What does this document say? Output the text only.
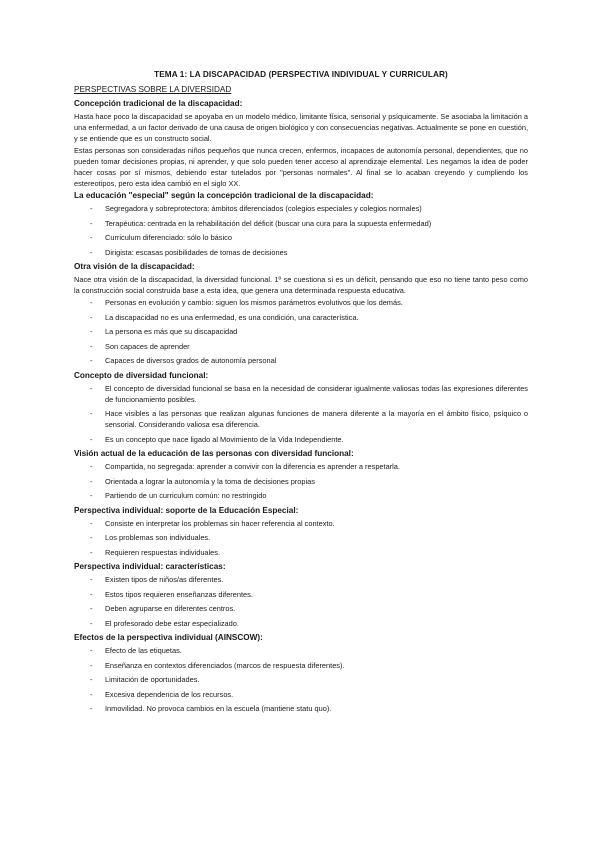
TEMA 1: LA DISCAPACIDAD (PERSPECTIVA INDIVIDUAL Y CURRICULAR)
PERSPECTIVAS SOBRE LA DIVERSIDAD
Concepción tradicional de la discapacidad:
Hasta hace poco la discapacidad se apoyaba en un modelo médico, limitante física, sensorial y psíquicamente. Se asociaba la limitación a una enfermedad, a un factor derivado de una causa de origen biológico y con consecuencias negativas. Actualmente se pone en cuestión, y se entiende que es un constructo social.
Estas personas son consideradas niños pequeños que nunca crecen, enfermos, incapaces de autonomía personal, dependientes, que no pueden tomar decisiones propias, ni aprender, y que solo pueden tener acceso al aprendizaje elemental. Les negamos la idea de poder hacer cosas por sí mismos, debiendo estar tutelados por "personas normales". Al final se lo acaban creyendo y cumpliendo los estereotipos, pero esta idea cambió en el siglo XX.
La educación "especial" según la concepción tradicional de la discapacidad:
- Segregadora y sobreprotectora: ámbitos diferenciados (colegios especiales y colegios normales)
- Terapéutica: centrada en la rehabilitación del déficit (buscar una cura para la supuesta enfermedad)
- Curriculum diferenciado: sólo lo básico
- Dirigista: escasas posibilidades de tomas de decisiones
Otra visión de la discapacidad:
Nace otra visión de la discapacidad, la diversidad funcional. 1º se cuestiona si es un déficit, pensando que eso no tiene tanto peso como la construcción social construida base a esta idea, que genera una determinada respuesta educativa.
- Personas en evolución y cambio: siguen los mismos parámetros evolutivos que los demás.
- La discapacidad no es una enfermedad, es una condición, una característica.
- La persona es más que su discapacidad
- Son capaces de aprender
- Capaces de diversos grados de autonomía personal
Concepto de diversidad funcional:
- El concepto de diversidad funcional se basa en la necesidad de considerar igualmente valiosas todas las expresiones diferentes de funcionamiento posibles.
- Hace visibles a las personas que realizan algunas funciones de manera diferente a la mayoría en el ámbito físico, psíquico o sensorial. Considerando valiosa esa diferencia.
- Es un concepto que nace ligado al Movimiento de la Vida Independiente.
Visión actual de la educación de las personas con diversidad funcional:
- Compartida, no segregada: aprender a convivir con la diferencia es aprender a respetarla.
- Orientada a lograr la autonomía y la toma de decisiones propias
- Partiendo de un curriculum común: no restringido
Perspectiva individual: soporte de la Educación Especial:
- Consiste en interpretar los problemas sin hacer referencia al contexto.
- Los problemas son individuales.
- Requieren respuestas individuales.
Perspectiva individual: características:
- Existen tipos de niños/as diferentes.
- Estos tipos requieren enseñanzas diferentes.
- Deben agruparse en diferentes centros.
- El profesorado debe estar especializado.
Efectos de la perspectiva individual (AINSCOW):
- Efecto de las etiquetas.
- Enseñanza en contextos diferenciados (marcos de respuesta diferentes).
- Limitación de oportunidades.
- Excesiva dependencia de los recursos.
- Inmovilidad. No provoca cambios en la escuela (mantiene statu quo).
